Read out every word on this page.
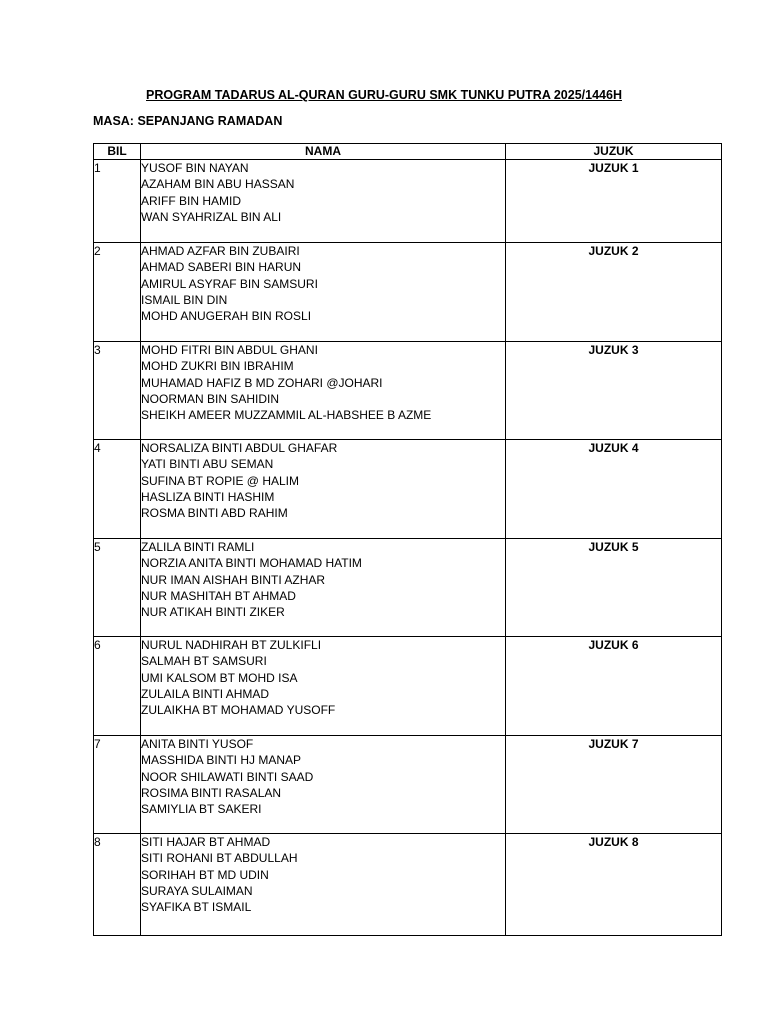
PROGRAM TADARUS AL-QURAN GURU-GURU SMK TUNKU PUTRA 2025/1446H
MASA: SEPANJANG RAMADAN
BIL	NAMA	JUZUK
1	YUSOF BIN NAYAN
AZAHAM BIN ABU HASSAN
ARIFF BIN HAMID
WAN SYAHRIZAL BIN ALI	JUZUK 1
2	AHMAD AZFAR BIN ZUBAIRI
AHMAD SABERI BIN HARUN
AMIRUL ASYRAF BIN SAMSURI
ISMAIL BIN DIN
MOHD ANUGERAH BIN ROSLI	JUZUK 2
3	MOHD FITRI BIN ABDUL GHANI
MOHD ZUKRI BIN IBRAHIM
MUHAMAD HAFIZ B MD ZOHARI @JOHARI
NOORMAN BIN SAHIDIN
SHEIKH AMEER MUZZAMMIL AL-HABSHEE B AZME	JUZUK 3
4	NORSALIZA BINTI ABDUL GHAFAR
YATI BINTI ABU SEMAN
SUFINA BT ROPIE @ HALIM
HASLIZA BINTI HASHIM
ROSMA BINTI ABD RAHIM	JUZUK 4
5	ZALILA BINTI RAMLI
NORZIA ANITA BINTI MOHAMAD HATIM
NUR IMAN AISHAH BINTI AZHAR
NUR MASHITAH BT AHMAD
NUR ATIKAH BINTI ZIKER	JUZUK 5
6	NURUL NADHIRAH BT ZULKIFLI
SALMAH BT SAMSURI
UMI KALSOM BT MOHD ISA
ZULAILA BINTI AHMAD
ZULAIKHA BT MOHAMAD YUSOFF	JUZUK 6
7	ANITA BINTI YUSOF
MASSHIDA BINTI HJ MANAP
NOOR SHILAWATI BINTI SAAD
ROSIMA BINTI RASALAN
SAMIYLIA BT SAKERI	JUZUK 7
8	SITI HAJAR BT AHMAD
SITI ROHANI BT ABDULLAH
SORIHAH BT MD UDIN
SURAYA SULAIMAN
SYAFIKA BT ISMAIL	JUZUK 8
